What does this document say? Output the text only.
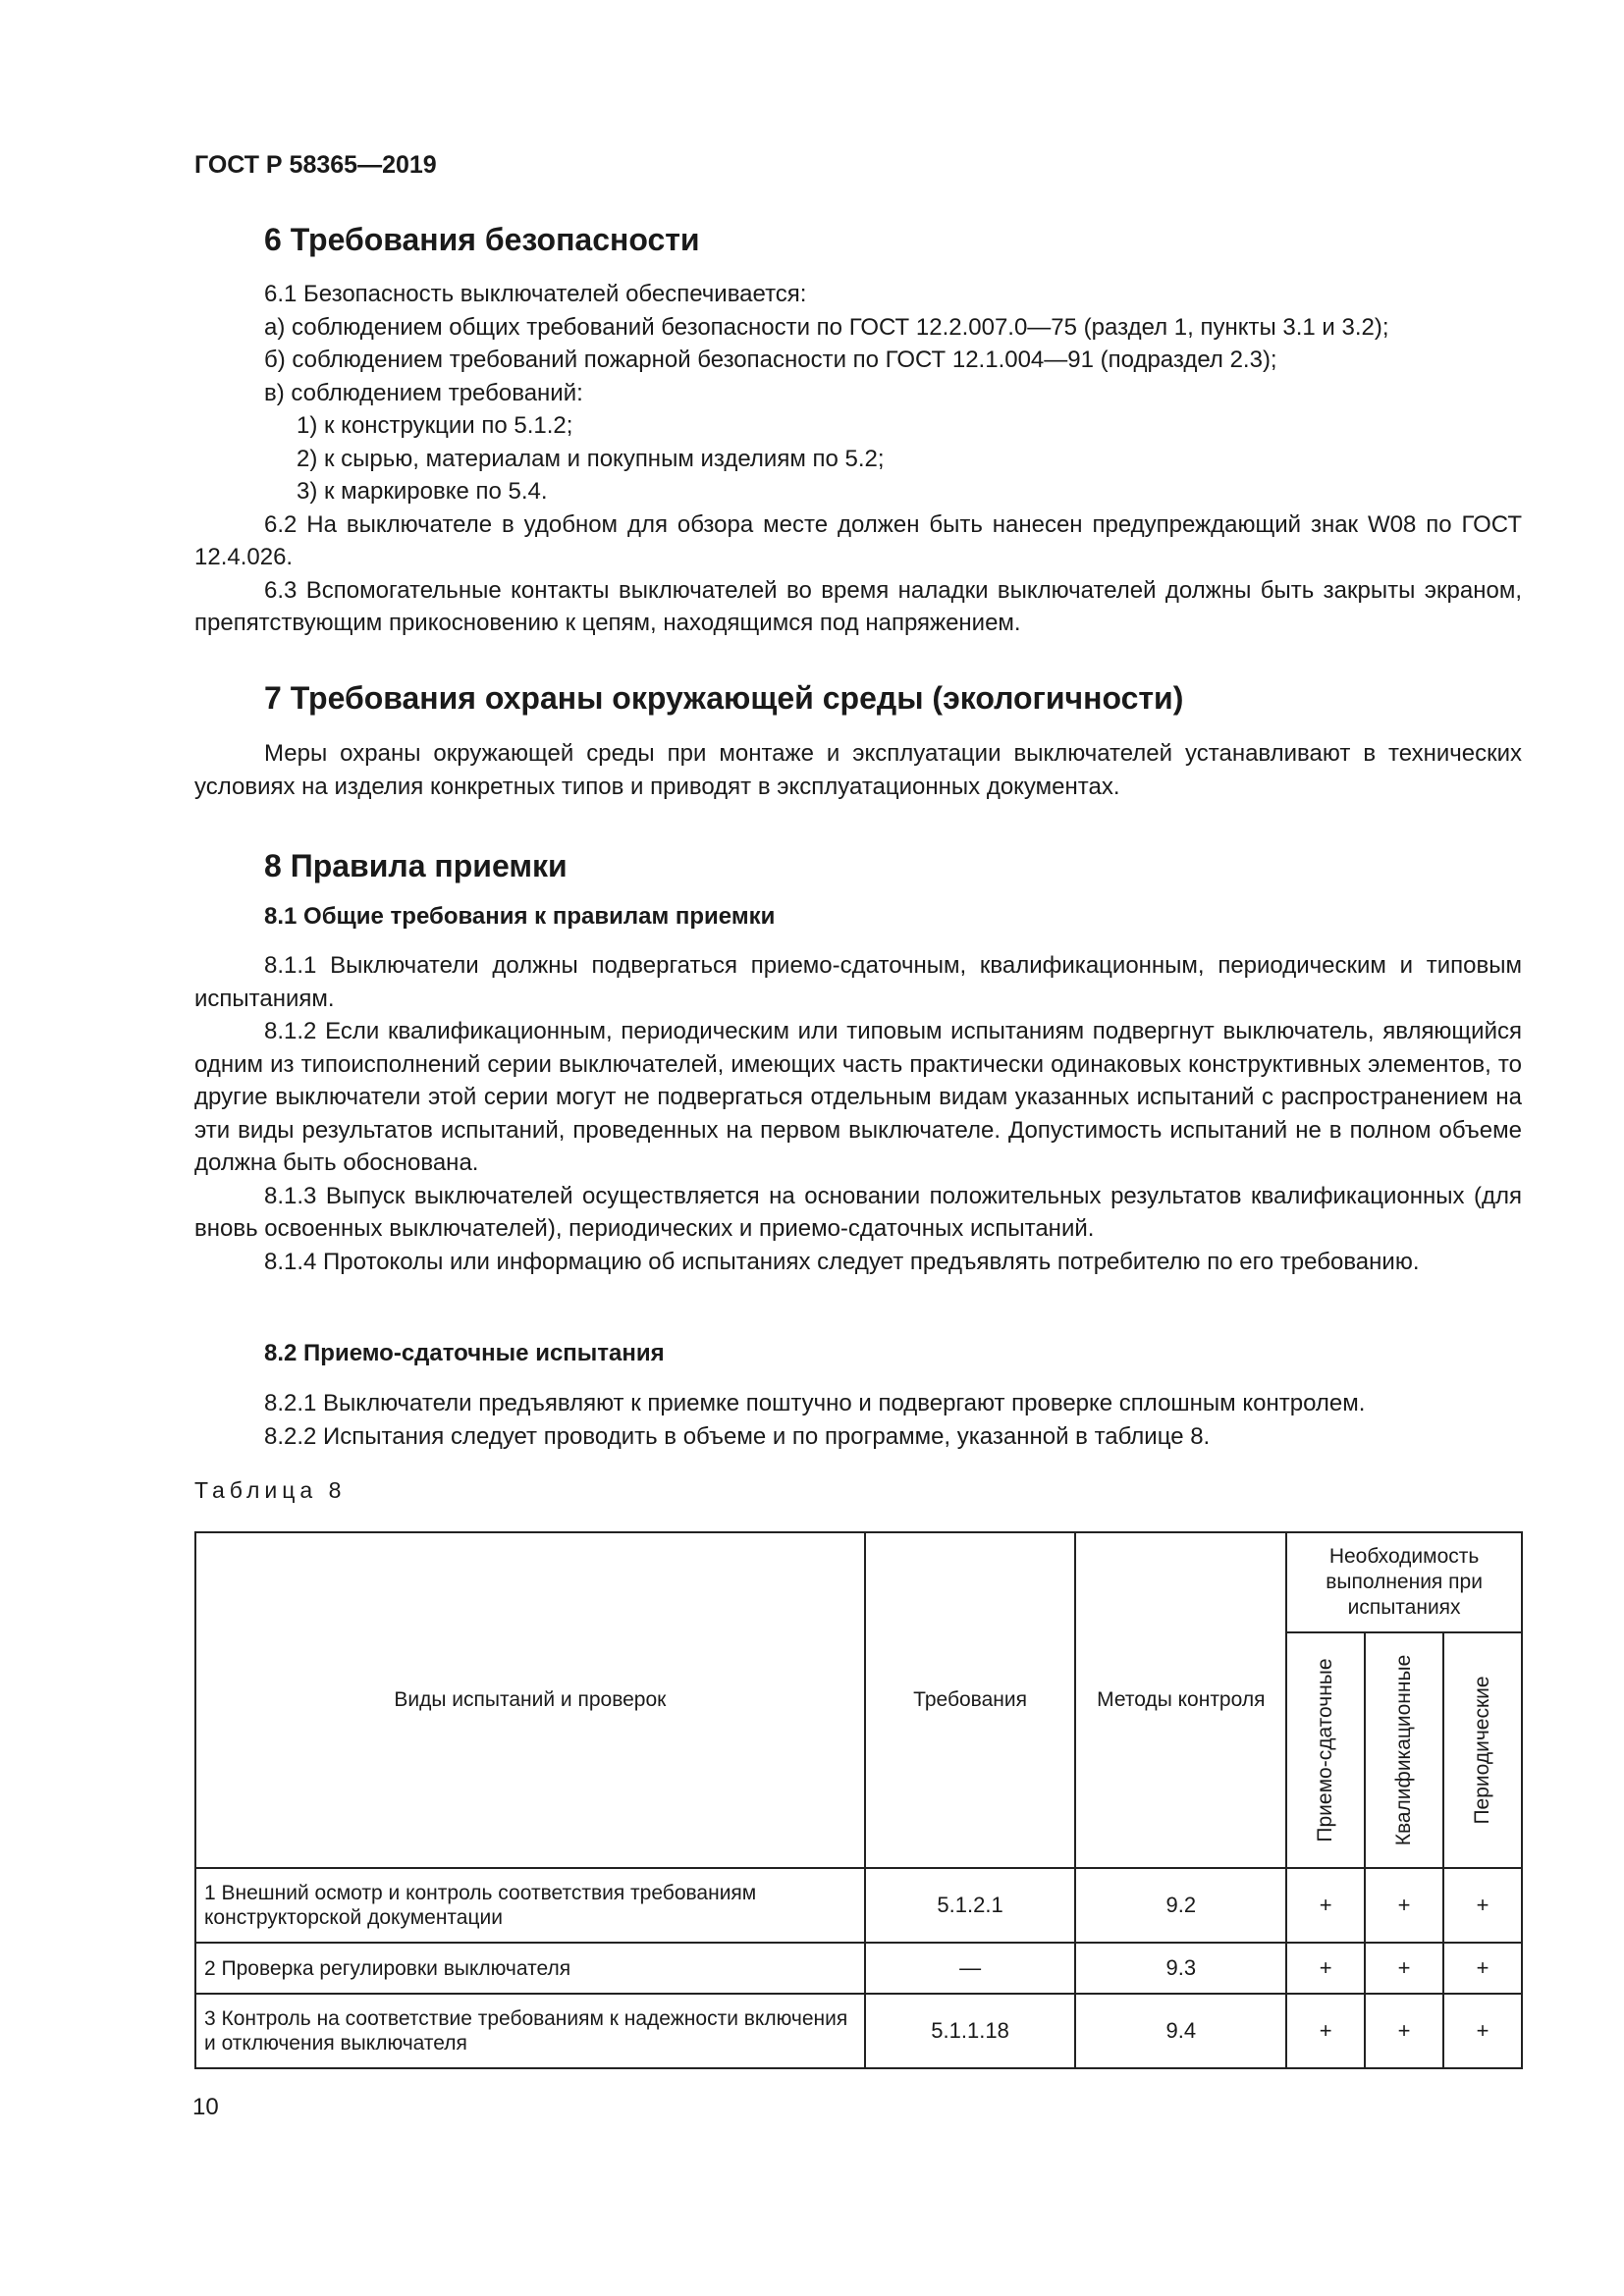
ГОСТ Р 58365—2019
6 Требования безопасности
6.1 Безопасность выключателей обеспечивается:
а) соблюдением общих требований безопасности по ГОСТ 12.2.007.0—75 (раздел 1, пункты 3.1 и 3.2);
б) соблюдением требований пожарной безопасности по ГОСТ 12.1.004—91 (подраздел 2.3);
в) соблюдением требований:
1) к конструкции по 5.1.2;
2) к сырью, материалам и покупным изделиям по 5.2;
3) к маркировке по 5.4.
6.2 На выключателе в удобном для обзора месте должен быть нанесен предупреждающий знак W08 по ГОСТ 12.4.026.
6.3 Вспомогательные контакты выключателей во время наладки выключателей должны быть закрыты экраном, препятствующим прикосновению к цепям, находящимся под напряжением.
7 Требования охраны окружающей среды (экологичности)
Меры охраны окружающей среды при монтаже и эксплуатации выключателей устанавливают в технических условиях на изделия конкретных типов и приводят в эксплуатационных документах.
8 Правила приемки
8.1 Общие требования к правилам приемки
8.1.1 Выключатели должны подвергаться приемо-сдаточным, квалификационным, периодическим и типовым испытаниям.
8.1.2 Если квалификационным, периодическим или типовым испытаниям подвергнут выключатель, являющийся одним из типоисполнений серии выключателей, имеющих часть практически одинаковых конструктивных элементов, то другие выключатели этой серии могут не подвергаться отдельным видам указанных испытаний с распространением на эти виды результатов испытаний, проведенных на первом выключателе. Допустимость испытаний не в полном объеме должна быть обоснована.
8.1.3 Выпуск выключателей осуществляется на основании положительных результатов квалификационных (для вновь освоенных выключателей), периодических и приемо-сдаточных испытаний.
8.1.4 Протоколы или информацию об испытаниях следует предъявлять потребителю по его требованию.
8.2 Приемо-сдаточные испытания
8.2.1 Выключатели предъявляют к приемке поштучно и подвергают проверке сплошным контролем.
8.2.2 Испытания следует проводить в объеме и по программе, указанной в таблице 8.
Таблица 8
Виды испытаний и проверок	Требования	Методы контроля	Необходимость выполнения при испытаниях		

			Приемо-сдаточные	Квалификационные	Периодические

1 Внешний осмотр и контроль соответствия требованиям конструкторской документации	5.1.2.1	9.2	+	+	+
2 Проверка регулировки выключателя	—	9.3	+	+	+
3 Контроль на соответствие требованиям к надежности включения и отключения выключателя	5.1.1.18	9.4	+	+	+
10
